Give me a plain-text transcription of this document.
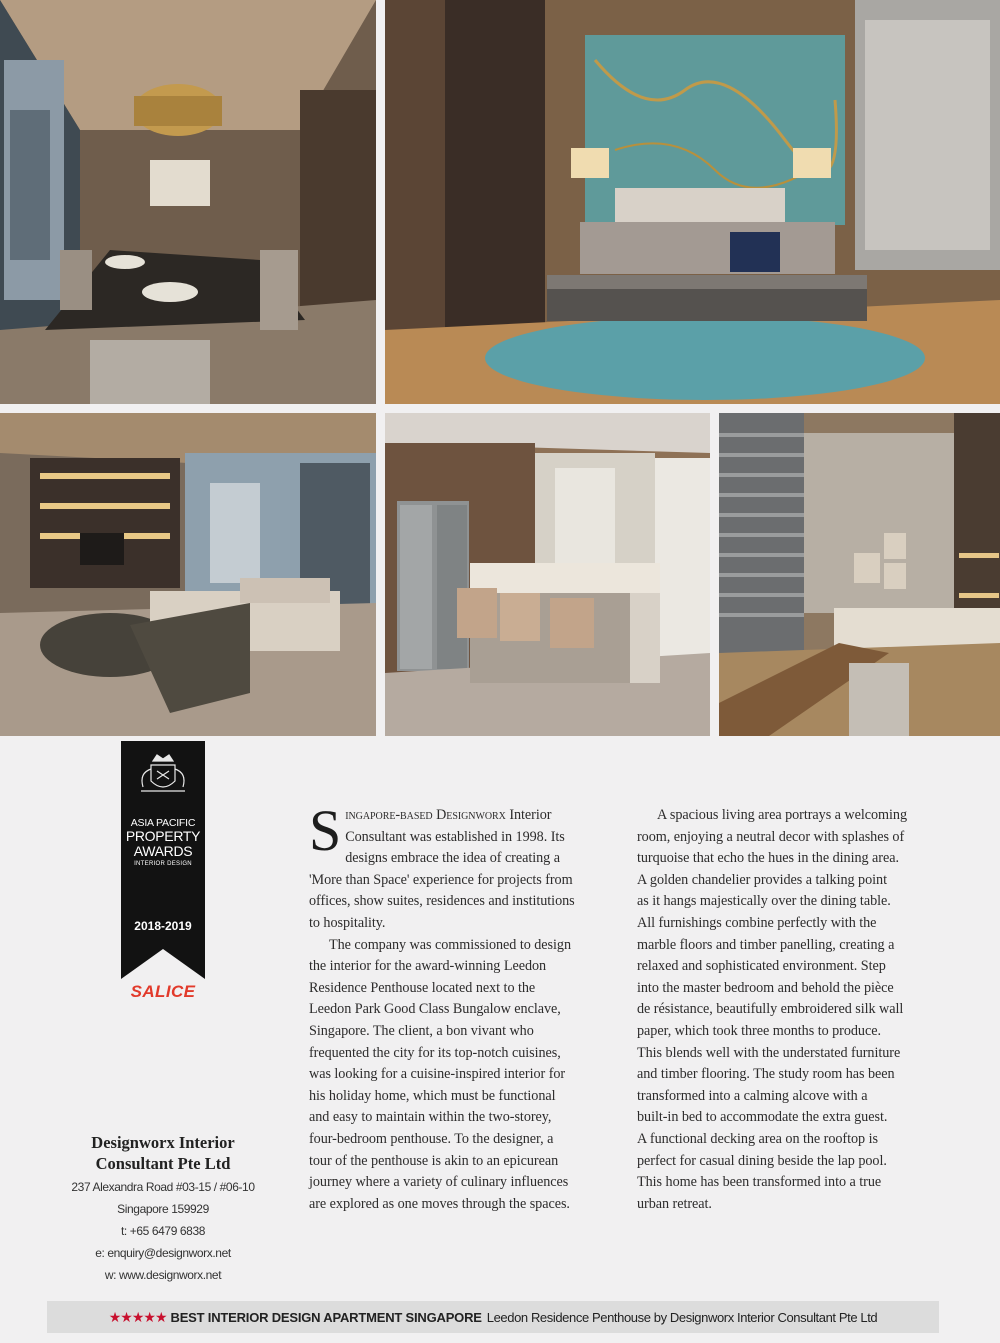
ASIA PACIFIC
PROPERTY
AWARDS
INTERIOR DESIGN
2018-2019
SALICE
Designworx Interior
Consultant Pte Ltd
237 Alexandra Road #03-15 / #06-10
Singapore 159929
t: +65 6479 6838
e: enquiry@designworx.net
w: www.designworx.net

S ingapore-based Designworx Interior
Consultant was established in 1998. Its
designs embrace the idea of creating a
'More than Space' experience for projects from
offices, show suites, residences and institutions
to hospitality.

The company was commissioned to design
the interior for the award-winning Leedon
Residence Penthouse located next to the
Leedon Park Good Class Bungalow enclave,
Singapore. The client, a bon vivant who
frequented the city for its top-notch cuisines,
was looking for a cuisine-inspired interior for
his holiday home, which must be functional
and easy to maintain within the two-storey,
four-bedroom penthouse. To the designer, a
tour of the penthouse is akin to an epicurean
journey where a variety of culinary influences
are explored as one moves through the spaces.

A spacious living area portrays a welcoming
room, enjoying a neutral decor with splashes of
turquoise that echo the hues in the dining area.
A golden chandelier provides a talking point
as it hangs majestically over the dining table.
All furnishings combine perfectly with the
marble floors and timber panelling, creating a
relaxed and sophisticated environment. Step
into the master bedroom and behold the pièce
de résistance, beautifully embroidered silk wall
paper, which took three months to produce.
This blends well with the understated furniture
and timber flooring. The study room has been
transformed into a calming alcove with a
built-in bed to accommodate the extra guest.
A functional decking area on the rooftop is
perfect for casual dining beside the lap pool.
This home has been transformed into a true
urban retreat.

★★★★★ BEST INTERIOR DESIGN APARTMENT SINGAPORE Leedon Residence Penthouse by Designworx Interior Consultant Pte Ltd
